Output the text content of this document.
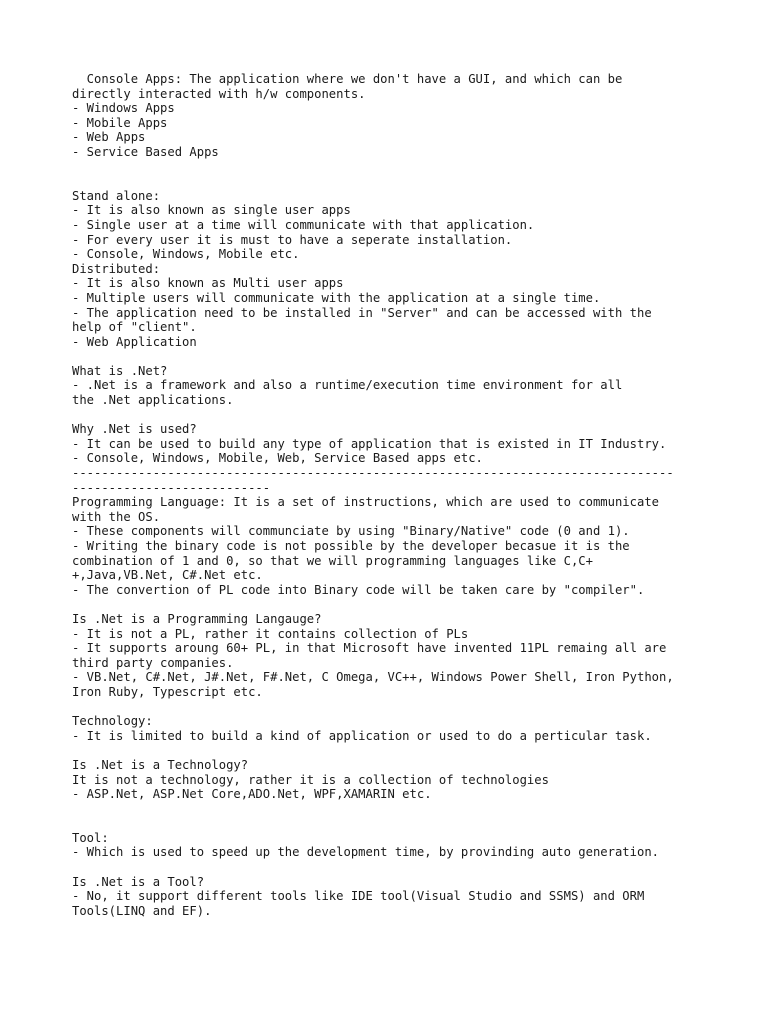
Console Apps: The application where we don't have a GUI, and which can be
directly interacted with h/w components.
- Windows Apps
- Mobile Apps
- Web Apps
- Service Based Apps
Stand alone:
- It is also known as single user apps
- Single user at a time will communicate with that application.
- For every user it is must to have a seperate installation.
- Console, Windows, Mobile etc.
Distributed:
- It is also known as Multi user apps
- Multiple users will communicate with the application at a single time.
- The application need to be installed in "Server" and can be accessed with the
help of "client".
- Web Application
What is .Net?
- .Net is a framework and also a runtime/execution time environment for all
the .Net applications.
Why .Net is used?
- It can be used to build any type of application that is existed in IT Industry.
- Console, Windows, Mobile, Web, Service Based apps etc.
----------------------------------------------------------------------------------
---------------------------
Programming Language: It is a set of instructions, which are used to communicate
with the OS.
- These components will communciate by using "Binary/Native" code (0 and 1).
- Writing the binary code is not possible by the developer becasue it is the
combination of 1 and 0, so that we will programming languages like C,C+
+,Java,VB.Net, C#.Net etc.
- The convertion of PL code into Binary code will be taken care by "compiler".
Is .Net is a Programming Langauge?
- It is not a PL, rather it contains collection of PLs
- It supports aroung 60+ PL, in that Microsoft have invented 11PL remaing all are
third party companies.
- VB.Net, C#.Net, J#.Net, F#.Net, C Omega, VC++, Windows Power Shell, Iron Python,
Iron Ruby, Typescript etc.
Technology:
- It is limited to build a kind of application or used to do a perticular task.
Is .Net is a Technology?
It is not a technology, rather it is a collection of technologies
- ASP.Net, ASP.Net Core,ADO.Net, WPF,XAMARIN etc.
Tool:
- Which is used to speed up the development time, by provinding auto generation.
Is .Net is a Tool?
- No, it support different tools like IDE tool(Visual Studio and SSMS) and ORM
Tools(LINQ and EF).
